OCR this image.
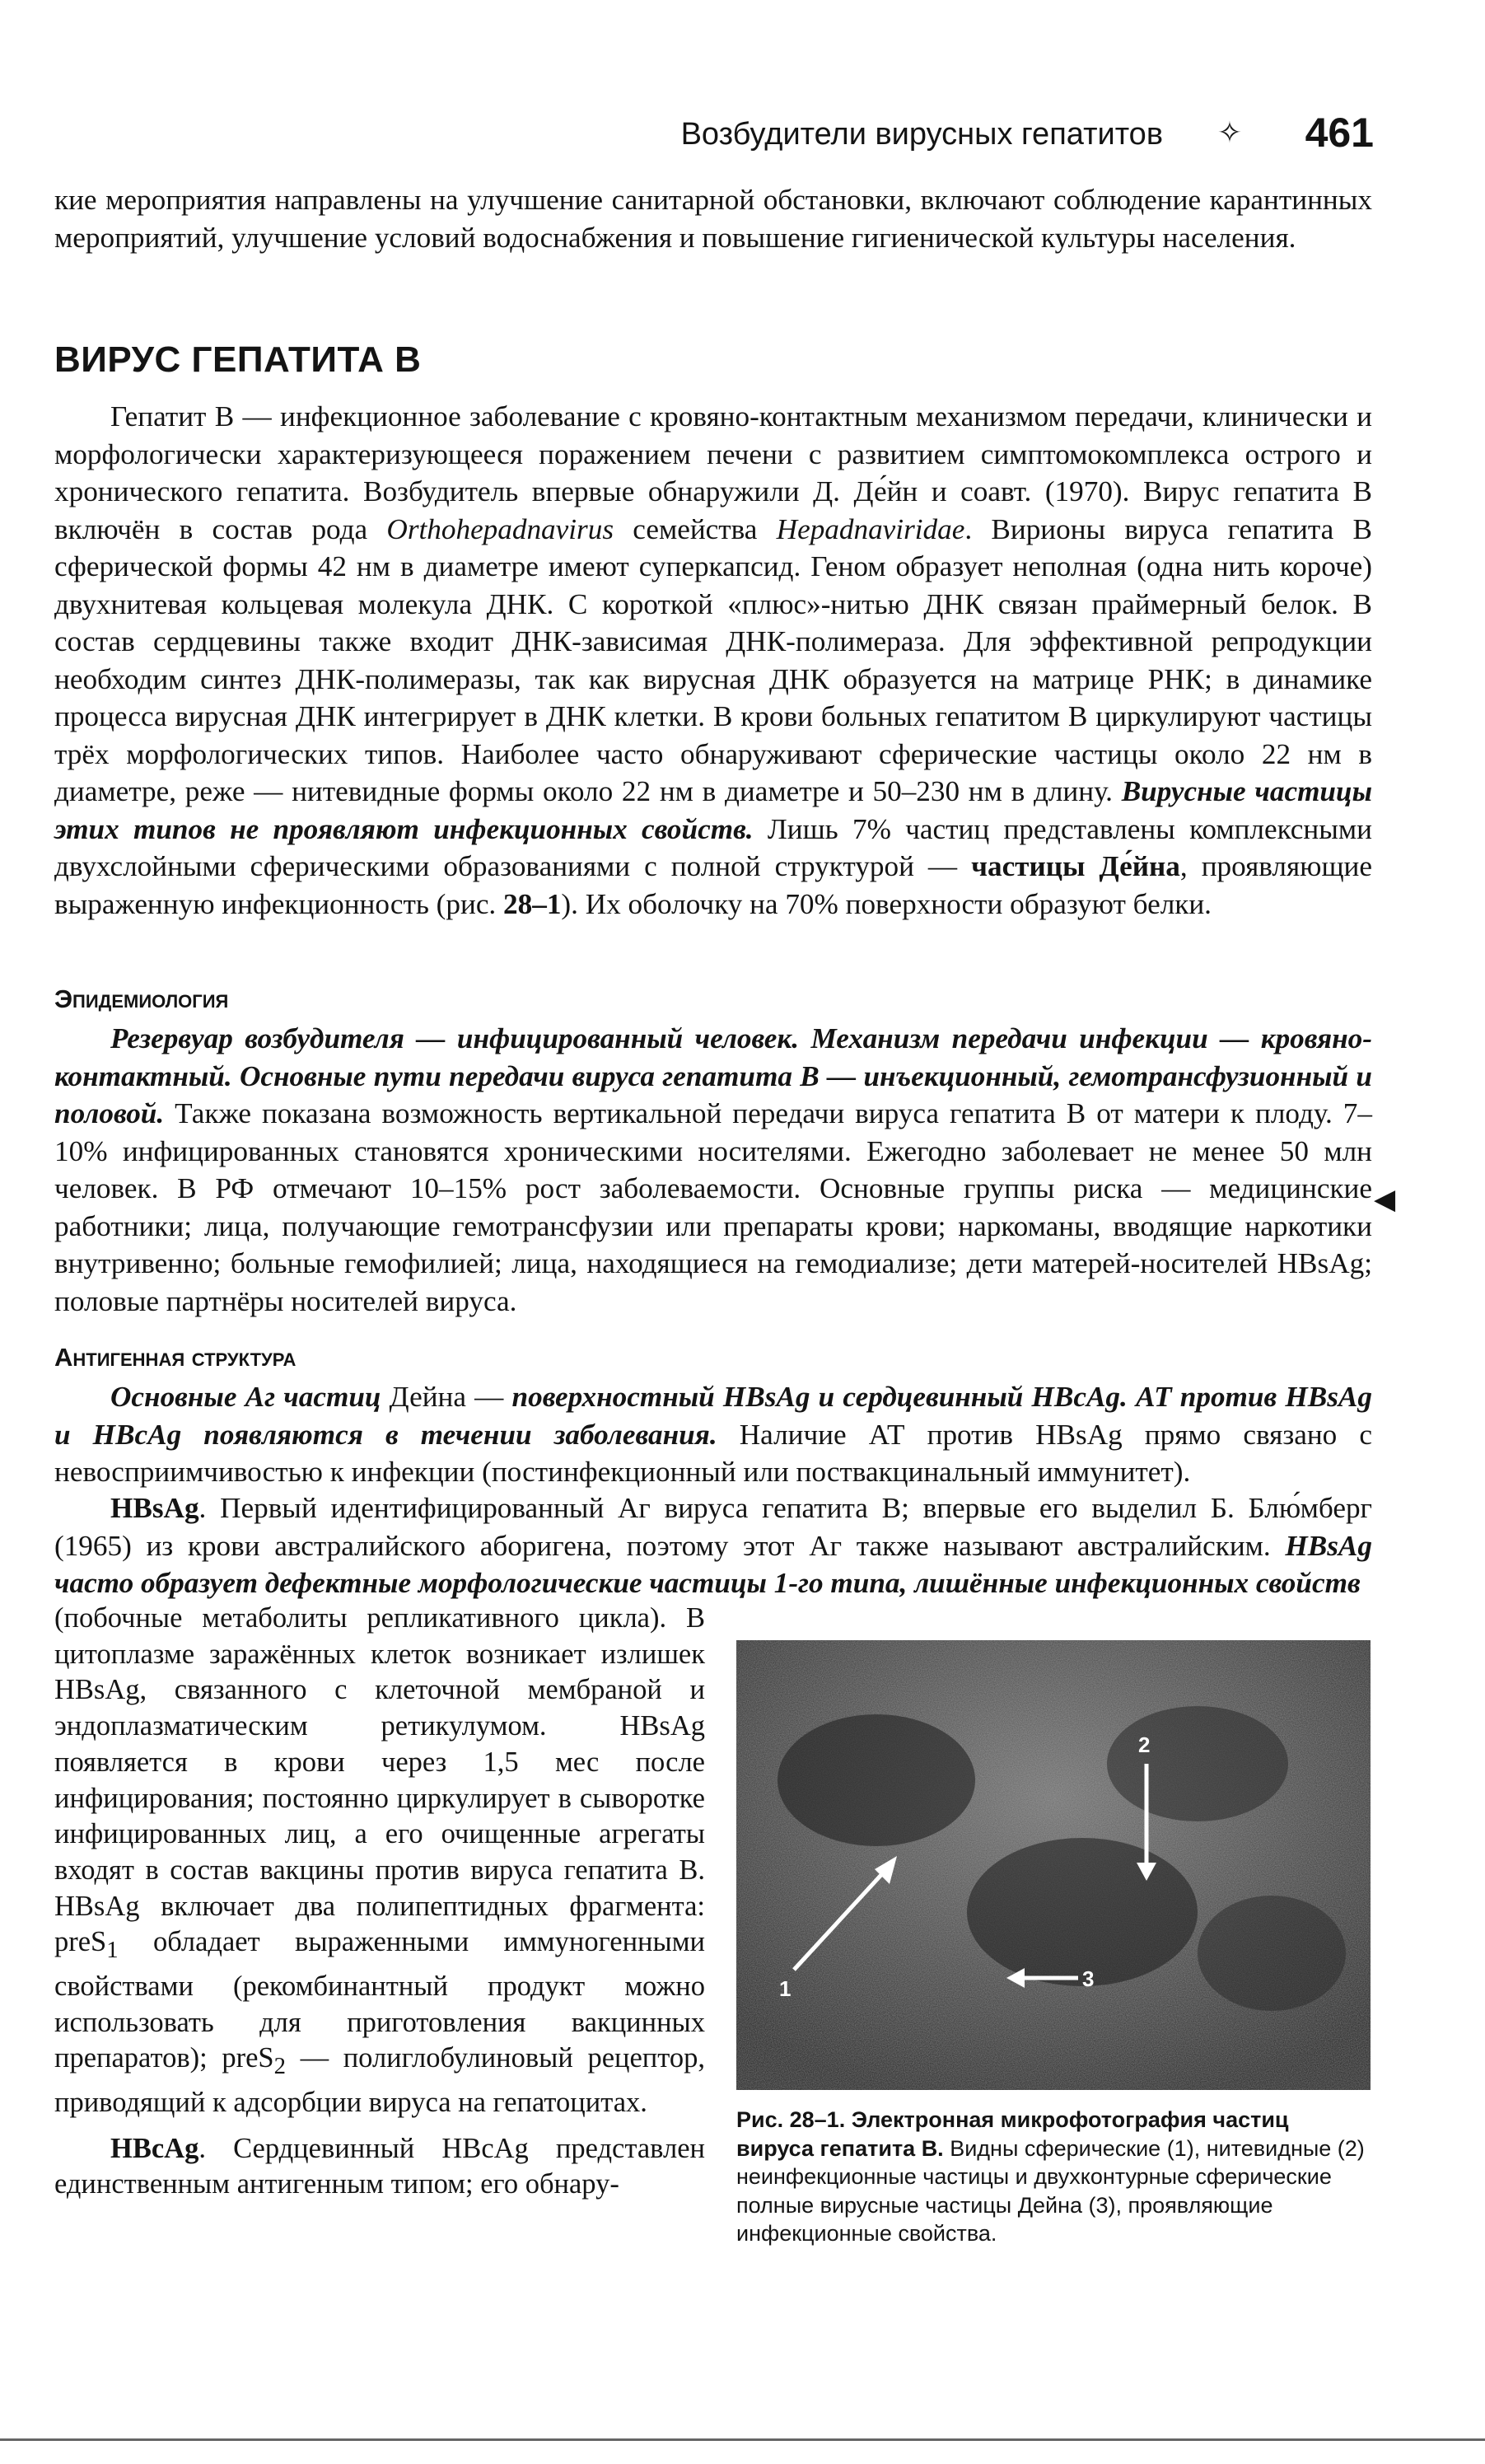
Возбудители вирусных гепатитов ✧ 461

кие мероприятия направлены на улучшение санитарной обстановки, включают соблюдение карантинных мероприятий, улучшение условий водоснабжения и повышение гигиенической культуры населения.

ВИРУС ГЕПАТИТА В

Гепатит В — инфекционное заболевание с кровяно-контактным механизмом передачи, клинически и морфологически характеризующееся поражением печени с развитием симптомокомплекса острого и хронического гепатита. Возбудитель впервые обнаружили Д. Де́йн и соавт. (1970). Вирус гепатита В включён в состав рода Orthohepadnavirus семейства Hepadnaviridae. Вирионы вируса гепатита В сферической формы 42 нм в диаметре имеют суперкапсид. Геном образует неполная (одна нить короче) двухнитевая кольцевая молекула ДНК. С короткой «плюс»-нитью ДНК связан праймерный белок. В состав сердцевины также входит ДНК-зависимая ДНК-полимераза. Для эффективной репродукции необходим синтез ДНК-полимеразы, так как вирусная ДНК образуется на матрице РНК; в динамике процесса вирусная ДНК интегрирует в ДНК клетки. В крови больных гепатитом В циркулируют частицы трёх морфологических типов. Наиболее часто обнаруживают сферические частицы около 22 нм в диаметре, реже — нитевидные формы около 22 нм в диаметре и 50–230 нм в длину. Вирусные частицы этих типов не проявляют инфекционных свойств. Лишь 7% частиц представлены комплексными двухслойными сферическими образованиями с полной структурой — частицы Де́йна, проявляющие выраженную инфекционность (рис. 28–1). Их оболочку на 70% поверхности образуют белки.

Эпидемиология

Резервуар возбудителя — инфицированный человек. Механизм передачи инфекции — кровяно-контактный. Основные пути передачи вируса гепатита В — инъекционный, гемотрансфузионный и половой. Также показана возможность вертикальной передачи вируса гепатита В от матери к плоду. 7–10% инфицированных становятся хроническими носителями. Ежегодно заболевает не менее 50 млн человек. В РФ отмечают 10–15% рост заболеваемости. Основные группы риска — медицинские работники; лица, получающие гемотрансфузии или препараты крови; наркоманы, вводящие наркотики внутривенно; больные гемофилией; лица, находящиеся на гемодиализе; дети матерей-носителей HBsAg; половые партнёры носителей вируса.

◀
Антигенная структура

Основные Аг частиц Дейна — поверхностный HBsAg и сердцевинный HBcAg. АТ против HBsAg и HBcAg появляются в течении заболевания. Наличие АТ против HBsAg прямо связано с невосприимчивостью к инфекции (постинфекционный или поствакцинальный иммунитет).

HBsAg. Первый идентифицированный Аг вируса гепатита В; впервые его выделил Б. Блю́мберг (1965) из крови австралийского аборигена, поэтому этот Аг также называют австралийским. HBsAg часто образует дефектные морфологические частицы 1-го типа, лишённые инфекционных свойств

(побочные метаболиты репликативного цикла). В цитоплазме заражённых клеток возникает излишек HBsAg, связанного с клеточной мембраной и эндоплазматическим ретикулумом. HBsAg появляется в крови через 1,5 мес после инфицирования; постоянно циркулирует в сыворотке инфицированных лиц, а его очищенные агрегаты входят в состав вакцины против вируса гепатита В. HBsAg включает два полипептидных фрагмента: preS$_1$ обладает выраженными иммуногенными свойствами (рекомбинантный продукт можно использовать для приготовления вакцинных препаратов); preS$_2$ — полиглобулиновый рецептор, приводящий к адсорбции вируса на гепатоцитах.

HBcAg. Сердцевинный HBcAg представлен единственным антигенным типом; его обнару-

1
2
3
Рис. 28–1. Электронная микрофотография частиц вируса гепатита В. Видны сферические (1), нитевидные (2) неинфекционные частицы и двухконтурные сферические полные вирусные частицы Дейна (3), проявляющие инфекционные свойства.
